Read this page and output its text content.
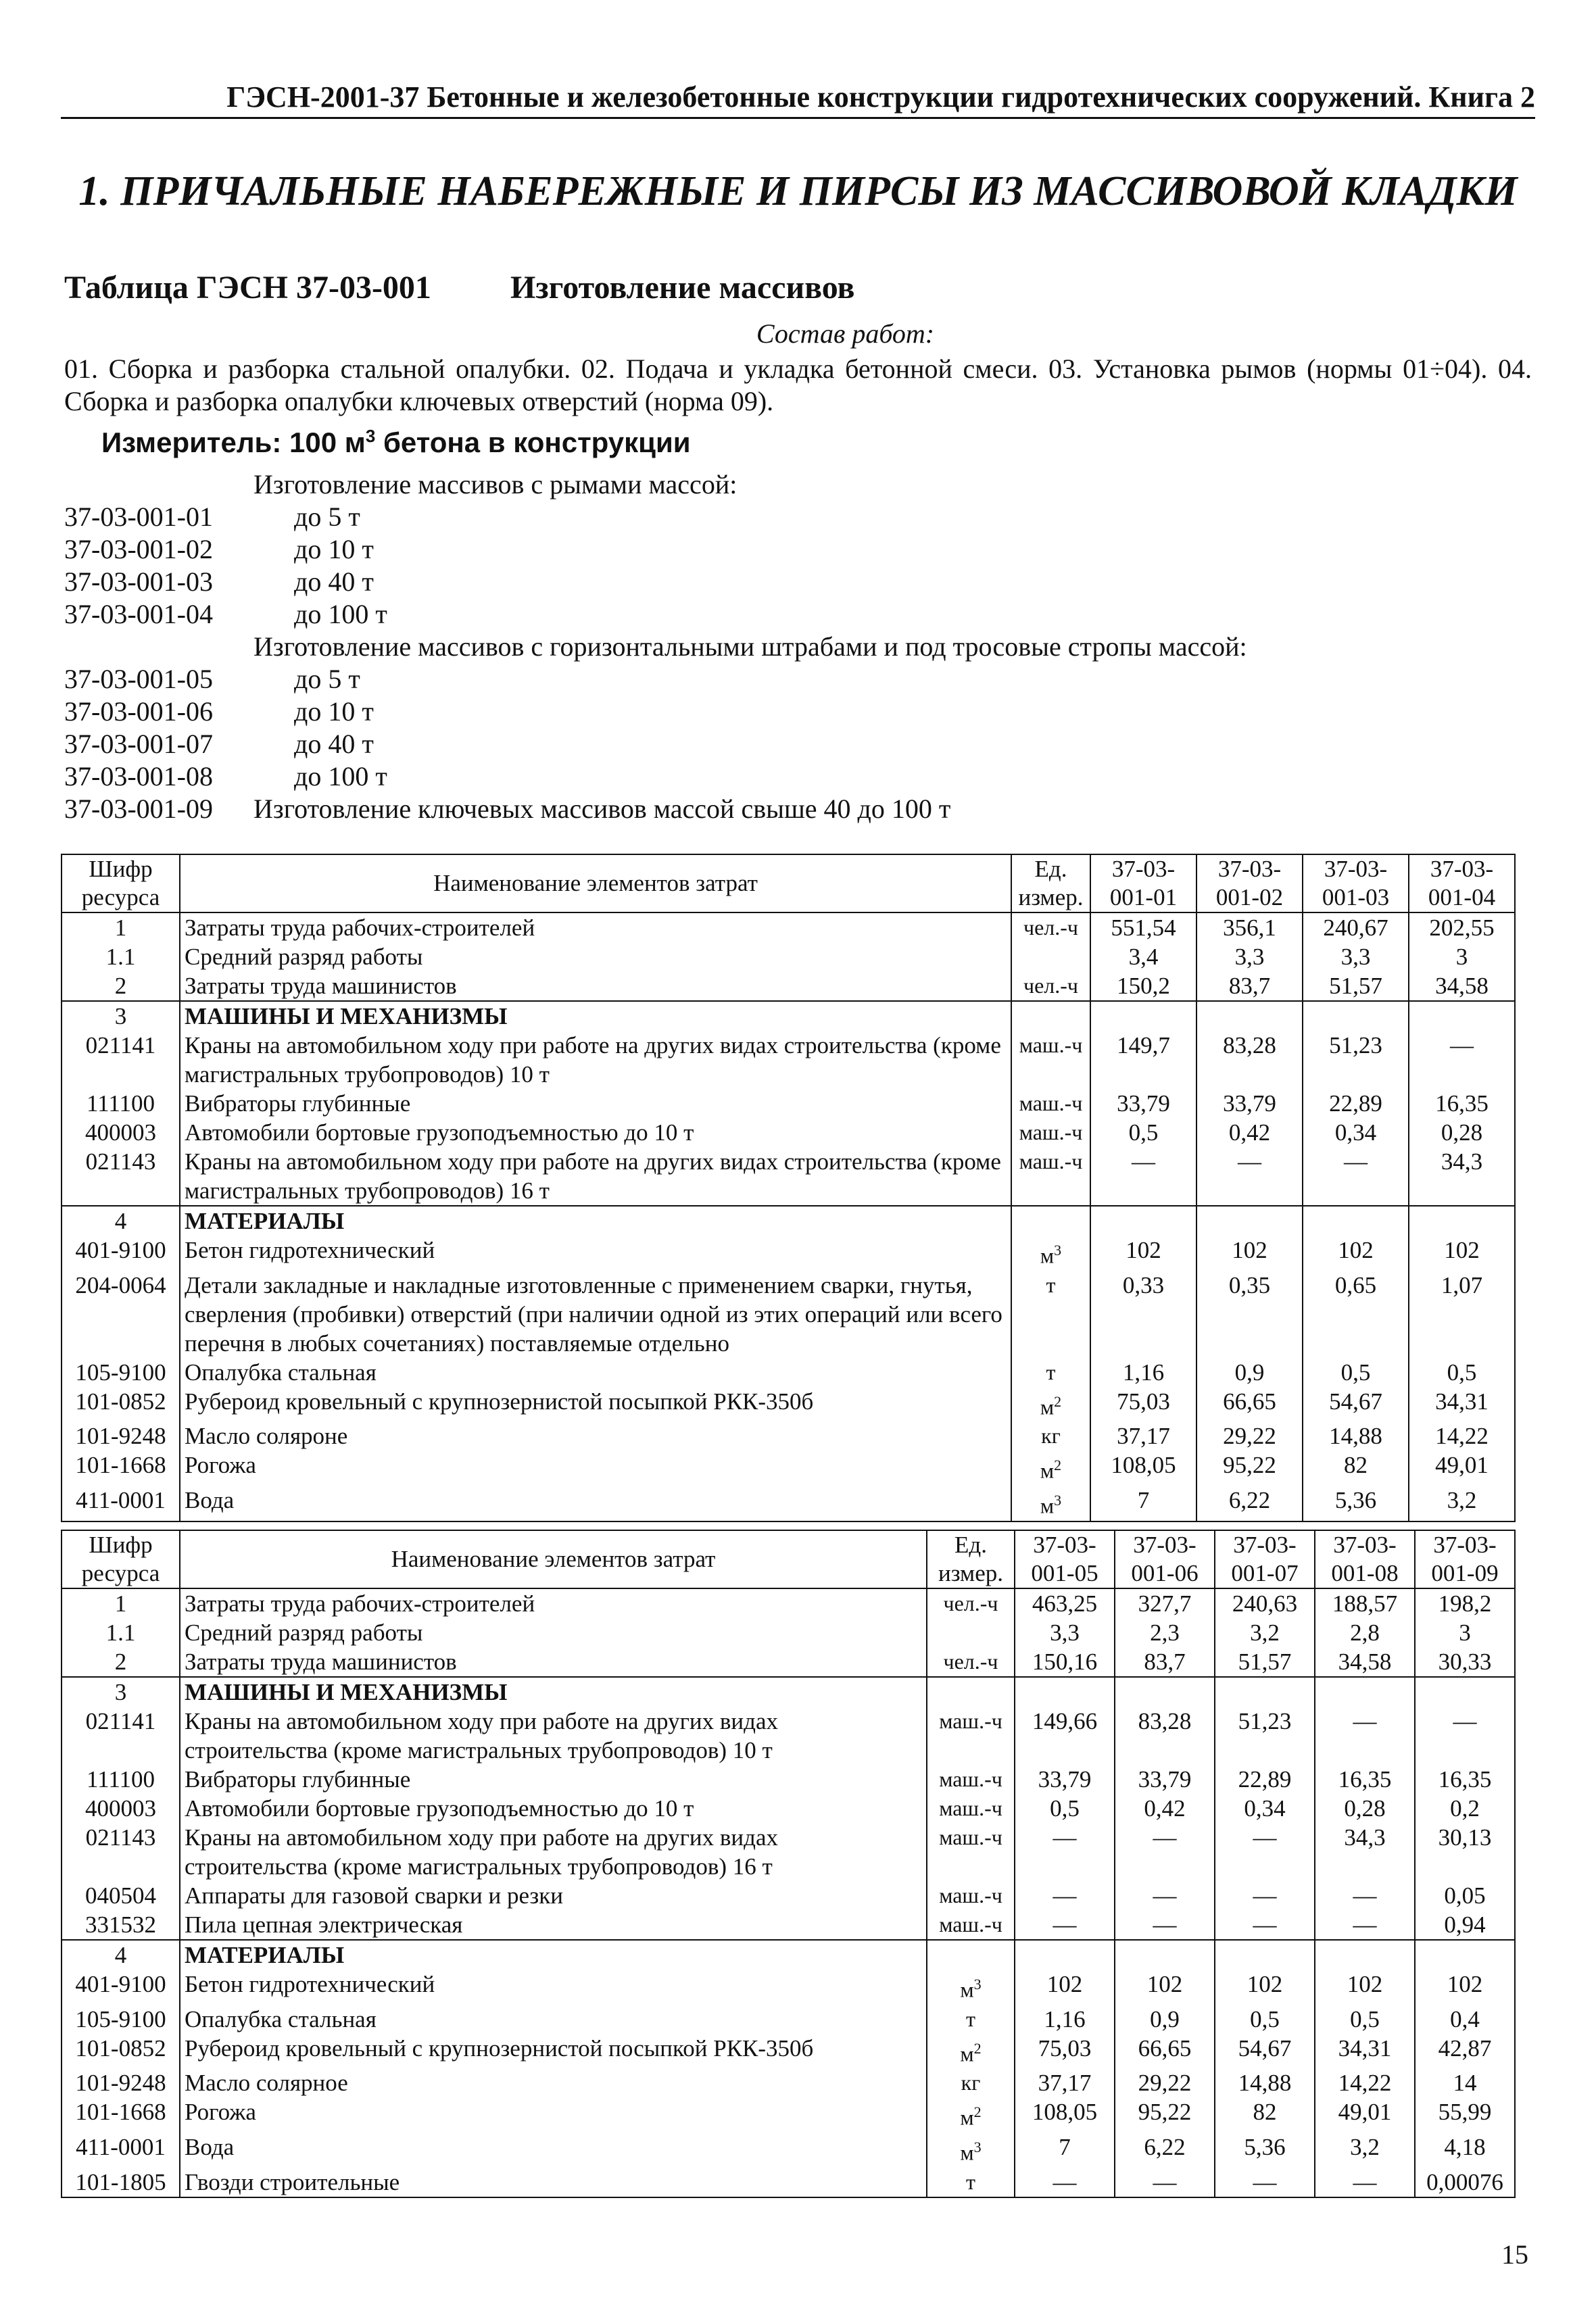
ГЭСН-2001-37 Бетонные и железобетонные конструкции гидротехнических сооружений. Книга 2
1. ПРИЧАЛЬНЫЕ НАБЕРЕЖНЫЕ И ПИРСЫ ИЗ МАССИВОВОЙ КЛАДКИ
Таблица ГЭСН 37-03-001 Изготовление массивов
Состав работ:
01. Сборка и разборка стальной опалубки. 02. Подача и укладка бетонной смеси. 03. Установка рымов (нормы 01÷04). 04. Сборка и разборка опалубки ключевых отверстий (норма 09).
Измеритель: 100 $м^3$ бетона в конструкции
Изготовление массивов с рымами массой:
37-03-001-01	до 5 т
37-03-001-02	до 10 т
37-03-001-03	до 40 т
37-03-001-04	до 100 т
Изготовление массивов с горизонтальными штрабами и под тросовые стропы массой:
37-03-001-05	до 5 т
37-03-001-06	до 10 т
37-03-001-07	до 40 т
37-03-001-08	до 100 т
37-03-001-09 Изготовление ключевых массивов массой свыше 40 до 100 т
Шифр ресурса	Наименование элементов затрат	Ед. измер.	37-03-001-01	37-03-001-02	37-03-001-03	37-03-001-04
1	Затраты труда рабочих-строителей	чел.-ч	551,54	356,1	240,67	202,55
1.1	Средний разряд работы		3,4	3,3	3,3	3
2	Затраты труда машинистов	чел.-ч	150,2	83,7	51,57	34,58
3	МАШИНЫ И МЕХАНИЗМЫ					
021141	Краны на автомобильном ходу при работе на других видах строительства (кроме магистральных трубопроводов) 10 т	маш.-ч	149,7	83,28	51,23	—
111100	Вибраторы глубинные	маш.-ч	33,79	33,79	22,89	16,35
400003	Автомобили бортовые грузоподъемностью до 10 т	маш.-ч	0,5	0,42	0,34	0,28
021143	Краны на автомобильном ходу при работе на других видах строительства (кроме магистральных трубопроводов) 16 т	маш.-ч	—	—	—	34,3
4	МАТЕРИАЛЫ					
401-9100	Бетон гидротехнический	$м^3$	102	102	102	102
204-0064	Детали закладные и накладные изготовленные с применением сварки, гнутья, сверления (пробивки) отверстий (при наличии одной из этих операций или всего перечня в любых сочетаниях) поставляемые отдельно	т	0,33	0,35	0,65	1,07
105-9100	Опалубка стальная	т	1,16	0,9	0,5	0,5
101-0852	Рубероид кровельный с крупнозернистой посыпкой РКК-350б	$м^2$	75,03	66,65	54,67	34,31
101-9248	Масло соляроне	кг	37,17	29,22	14,88	14,22
101-1668	Рогожа	$м^2$	108,05	95,22	82	49,01
411-0001	Вода	$м^3$	7	6,22	5,36	3,2
Шифр ресурса	Наименование элементов затрат	Ед. измер.	37-03-001-05	37-03-001-06	37-03-001-07	37-03-001-08	37-03-001-09
1	Затраты труда рабочих-строителей	чел.-ч	463,25	327,7	240,63	188,57	198,2
1.1	Средний разряд работы		3,3	2,3	3,2	2,8	3
2	Затраты труда машинистов	чел.-ч	150,16	83,7	51,57	34,58	30,33
3	МАШИНЫ И МЕХАНИЗМЫ						
021141	Краны на автомобильном ходу при работе на других видах строительства (кроме магистральных трубопроводов) 10 т	маш.-ч	149,66	83,28	51,23	—	—
111100	Вибраторы глубинные	маш.-ч	33,79	33,79	22,89	16,35	16,35
400003	Автомобили бортовые грузоподъемностью до 10 т	маш.-ч	0,5	0,42	0,34	0,28	0,2
021143	Краны на автомобильном ходу при работе на других видах строительства (кроме магистральных трубопроводов) 16 т	маш.-ч	—	—	—	34,3	30,13
040504	Аппараты для газовой сварки и резки	маш.-ч	—	—	—	—	0,05
331532	Пила цепная электрическая	маш.-ч	—	—	—	—	0,94
4	МАТЕРИАЛЫ						
401-9100	Бетон гидротехнический	$м^3$	102	102	102	102	102
105-9100	Опалубка стальная	т	1,16	0,9	0,5	0,5	0,4
101-0852	Рубероид кровельный с крупнозернистой посыпкой РКК-350б	$м^2$	75,03	66,65	54,67	34,31	42,87
101-9248	Масло солярное	кг	37,17	29,22	14,88	14,22	14
101-1668	Рогожа	$м^2$	108,05	95,22	82	49,01	55,99
411-0001	Вода	$м^3$	7	6,22	5,36	3,2	4,18
101-1805	Гвозди строительные	т	—	—	—	—	0,00076
15
